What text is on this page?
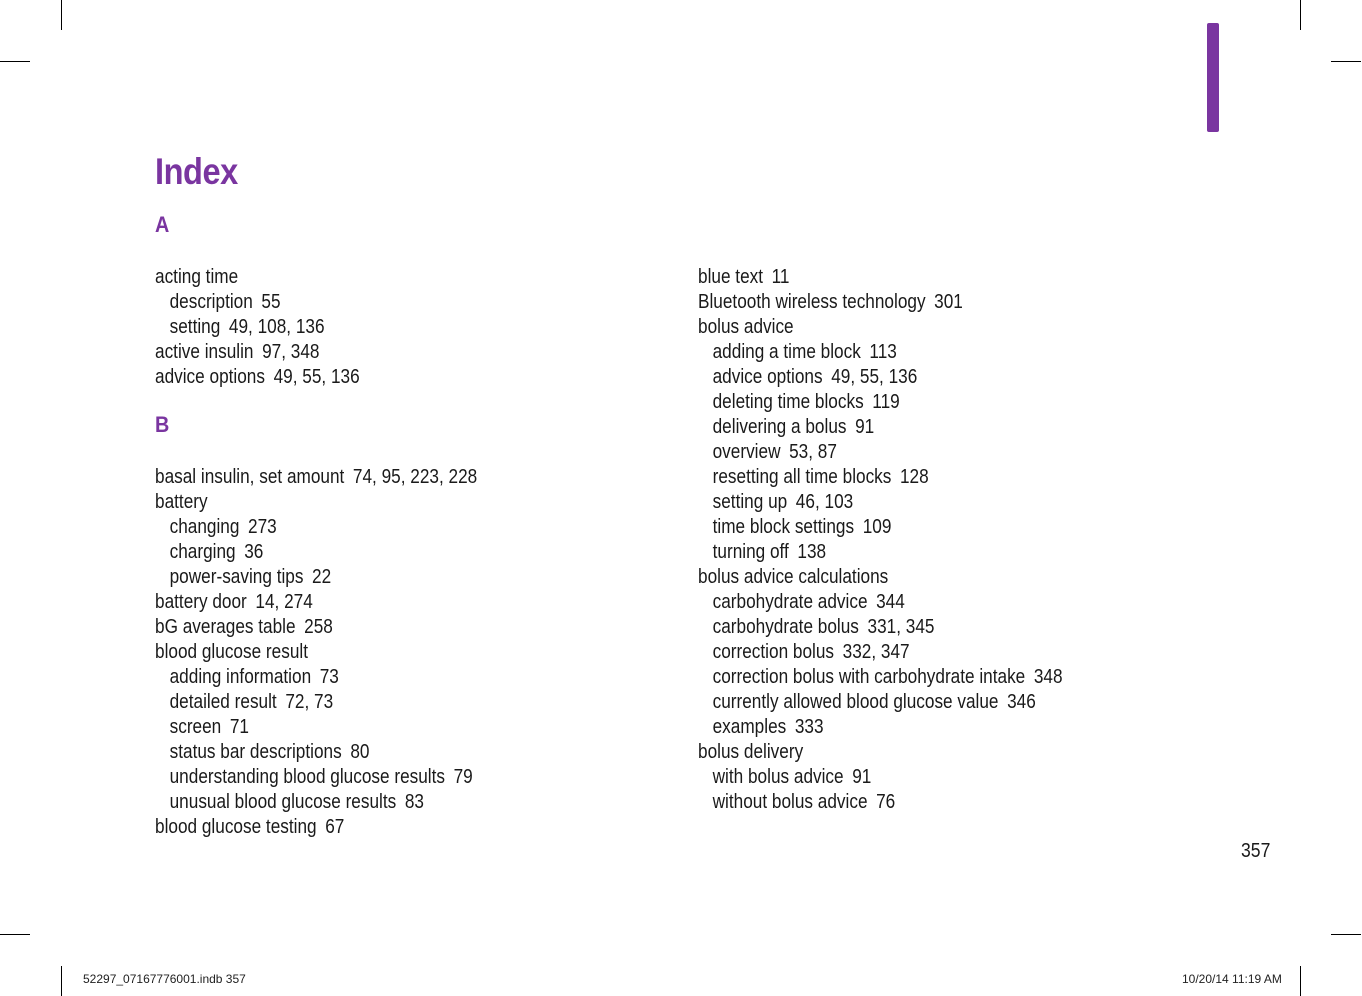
Index
A
acting time
description 55
setting 49, 108, 136
active insulin 97, 348
advice options 49, 55, 136
B
basal insulin, set amount 74, 95, 223, 228
battery
changing 273
charging 36
power-saving tips 22
battery door 14, 274
bG averages table 258
blood glucose result
adding information 73
detailed result 72, 73
screen 71
status bar descriptions 80
understanding blood glucose results 79
unusual blood glucose results 83
blood glucose testing 67
blue text 11
Bluetooth wireless technology 301
bolus advice
adding a time block 113
advice options 49, 55, 136
deleting time blocks 119
delivering a bolus 91
overview 53, 87
resetting all time blocks 128
setting up 46, 103
time block settings 109
turning off 138
bolus advice calculations
carbohydrate advice 344
carbohydrate bolus 331, 345
correction bolus 332, 347
correction bolus with carbohydrate intake 348
currently allowed blood glucose value 346
examples 333
bolus delivery
with bolus advice 91
without bolus advice 76
357
52297_07167776001.indb 357	10/20/14 11:19 AM
